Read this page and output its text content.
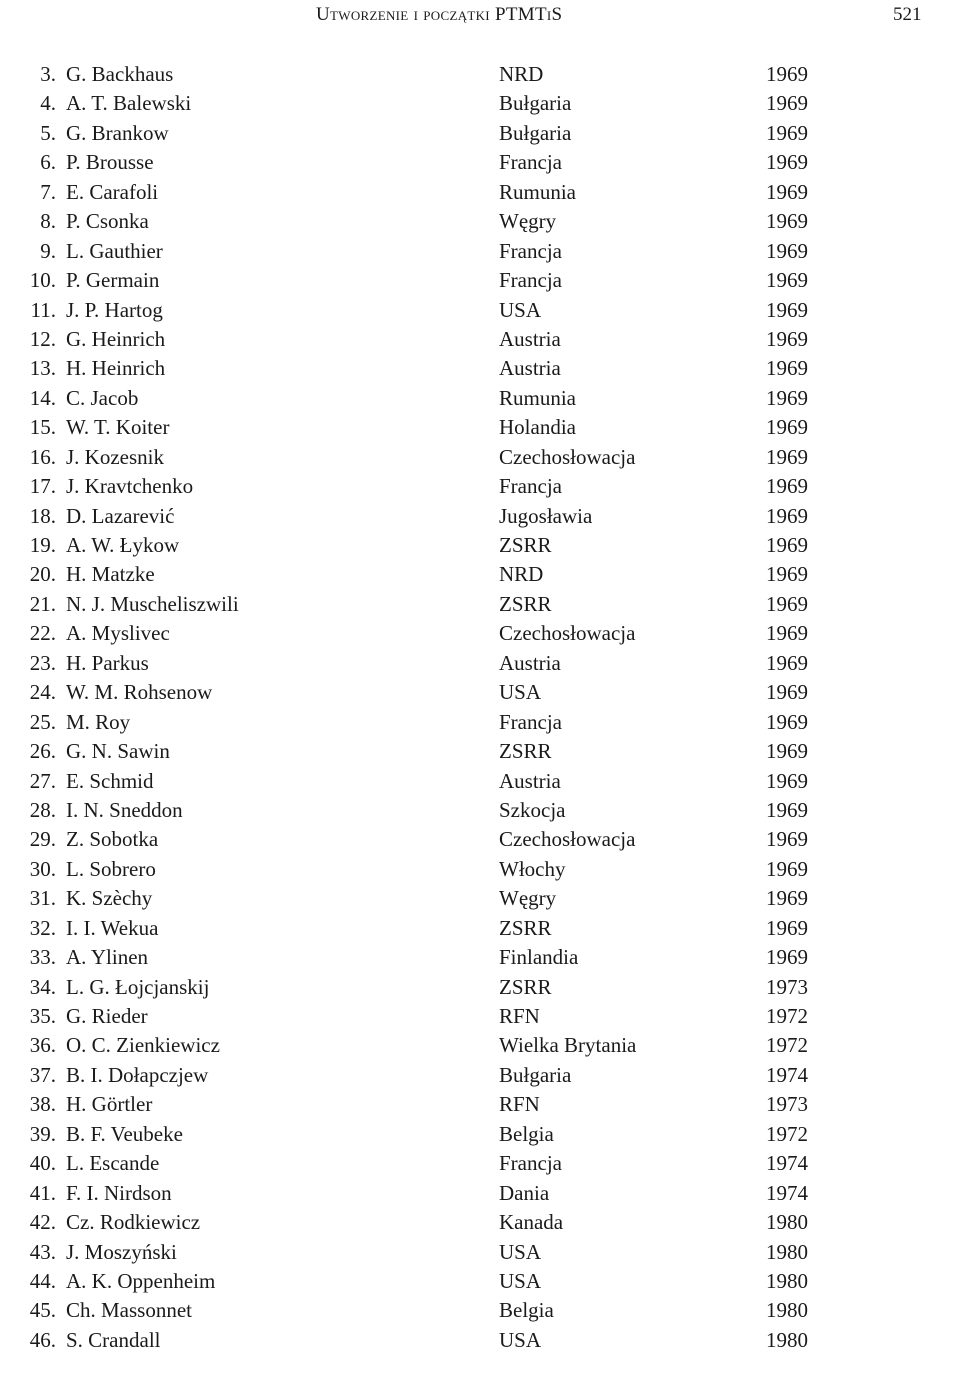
Utworzenie i początki PTMTiS	521
3. G. Backhaus	NRD	1969
4. A. T. Balewski	Bułgaria	1969
5. G. Brankow	Bułgaria	1969
6. P. Brousse	Francja	1969
7. E. Carafoli	Rumunia	1969
8. P. Csonka	Węgry	1969
9. L. Gauthier	Francja	1969
10. P. Germain	Francja	1969
11. J. P. Hartog	USA	1969
12. G. Heinrich	Austria	1969
13. H. Heinrich	Austria	1969
14. C. Jacob	Rumunia	1969
15. W. T. Koiter	Holandia	1969
16. J. Kozesnik	Czechosłowacja	1969
17. J. Kravtchenko	Francja	1969
18. D. Lazarević	Jugosławia	1969
19. A. W. Łykow	ZSRR	1969
20. H. Matzke	NRD	1969
21. N. J. Muscheliszwili	ZSRR	1969
22. A. Myslivec	Czechosłowacja	1969
23. H. Parkus	Austria	1969
24. W. M. Rohsenow	USA	1969
25. M. Roy	Francja	1969
26. G. N. Sawin	ZSRR	1969
27. E. Schmid	Austria	1969
28. I. N. Sneddon	Szkocja	1969
29. Z. Sobotka	Czechosłowacja	1969
30. L. Sobrero	Włochy	1969
31. K. Szèchy	Węgry	1969
32. I. I. Wekua	ZSRR	1969
33. A. Ylinen	Finlandia	1969
34. L. G. Łojcjanskij	ZSRR	1973
35. G. Rieder	RFN	1972
36. O. C. Zienkiewicz	Wielka Brytania	1972
37. B. I. Dołapczjew	Bułgaria	1974
38. H. Görtler	RFN	1973
39. B. F. Veubeke	Belgia	1972
40. L. Escande	Francja	1974
41. F. I. Nirdson	Dania	1974
42. Cz. Rodkiewicz	Kanada	1980
43. J. Moszyński	USA	1980
44. A. K. Oppenheim	USA	1980
45. Ch. Massonnet	Belgia	1980
46. S. Crandall	USA	1980
